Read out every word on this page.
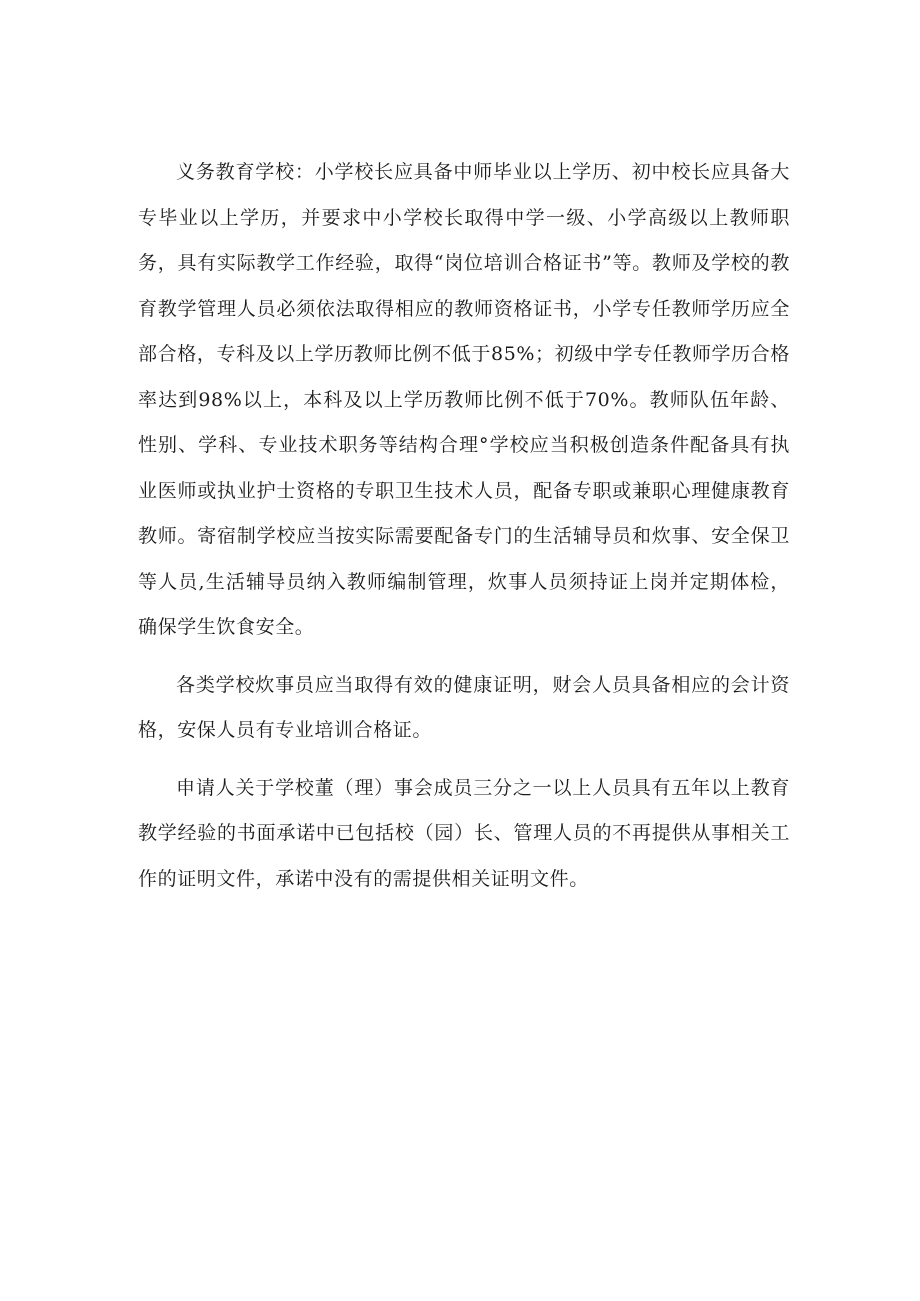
义务教育学校：小学校长应具备中师毕业以上学历、初中校长应具备大专毕业以上学历，并要求中小学校长取得中学一级、小学高级以上教师职务，具有实际教学工作经验，取得“岗位培训合格证书”等。教师及学校的教育教学管理人员必须依法取得相应的教师资格证书，小学专任教师学历应全部合格，专科及以上学历教师比例不低于85%；初级中学专任教师学历合格率达到98%以上，本科及以上学历教师比例不低于70%。教师队伍年龄、性别、学科、专业技术职务等结构合理°学校应当积极创造条件配备具有执业医师或执业护士资格的专职卫生技术人员，配备专职或兼职心理健康教育教师。寄宿制学校应当按实际需要配备专门的生活辅导员和炊事、安全保卫等人员,生活辅导员纳入教师编制管理，炊事人员须持证上岗并定期体检，确保学生饮食安全。

各类学校炊事员应当取得有效的健康证明，财会人员具备相应的会计资格，安保人员有专业培训合格证。

申请人关于学校董（理）事会成员三分之一以上人员具有五年以上教育教学经验的书面承诺中已包括校（园）长、管理人员的不再提供从事相关工作的证明文件，承诺中没有的需提供相关证明文件。
